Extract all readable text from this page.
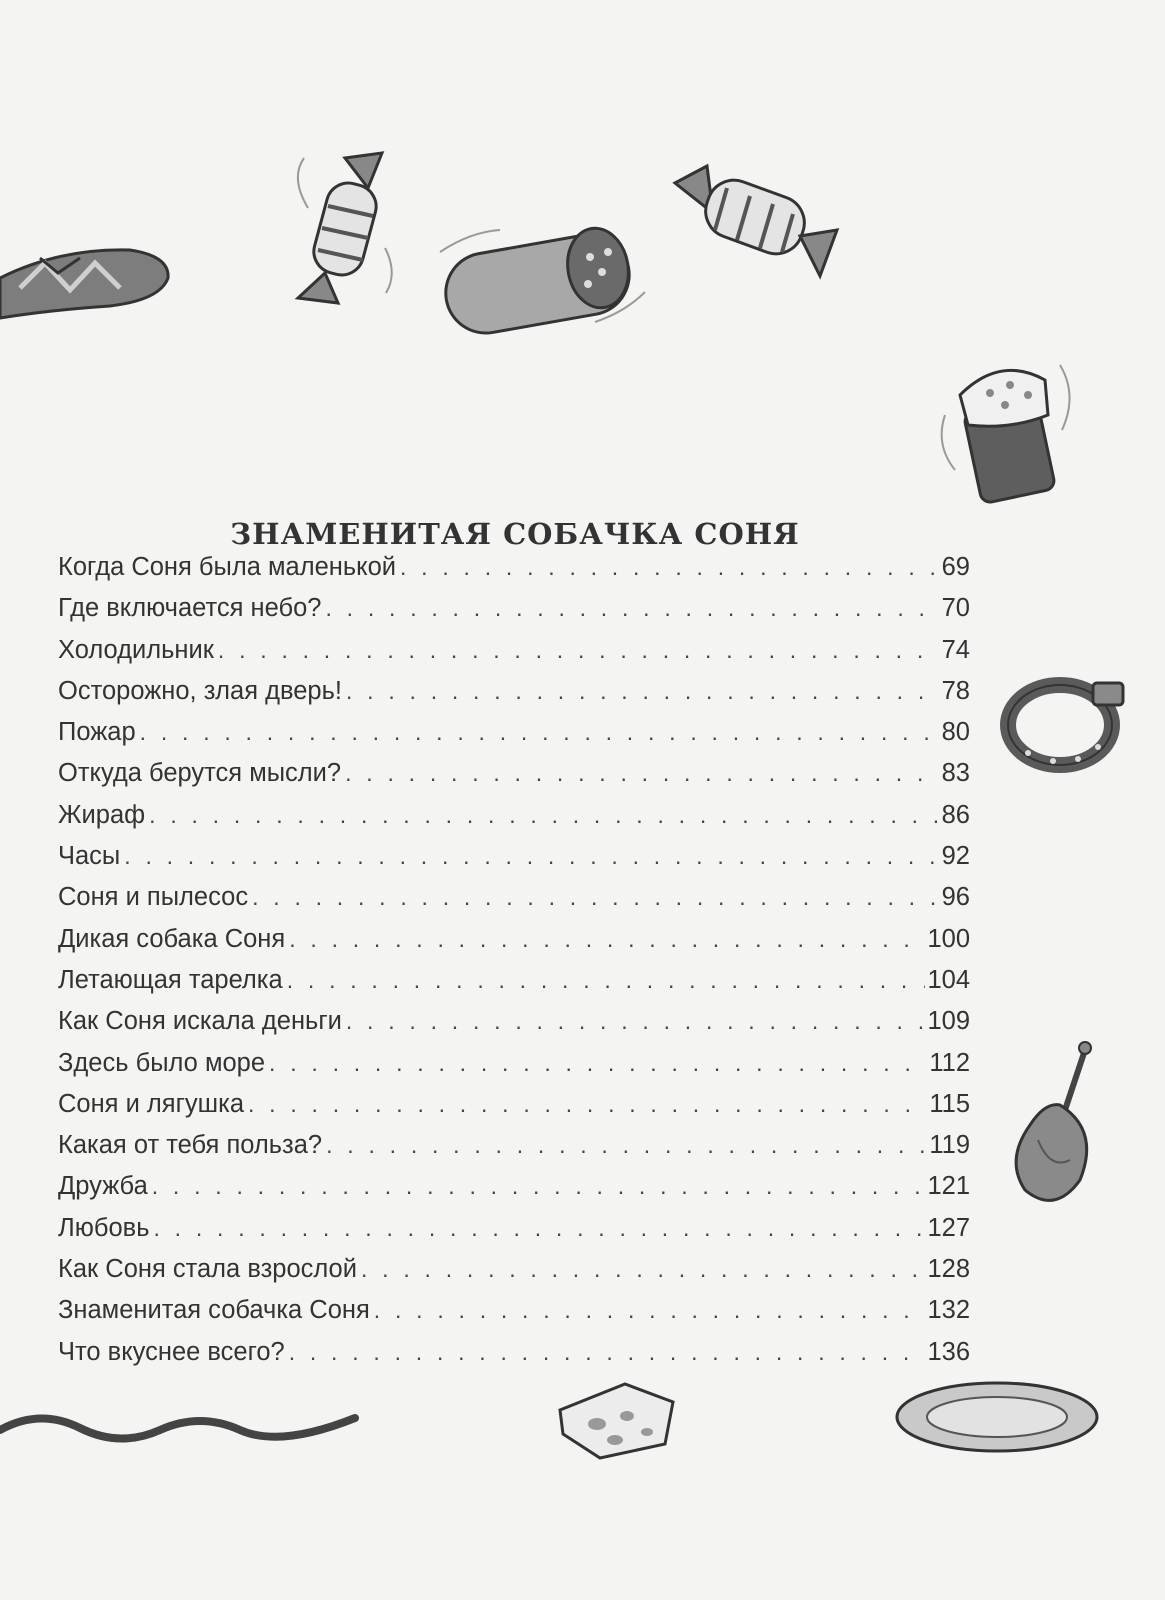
ЗНАМЕНИТАЯ СОБАЧКА СОНЯ
Когда Соня была маленькой . . .	69
Где включается небо? . . .	70
Холодильник . . .	74
Осторожно, злая дверь! . . .	78
Пожар . . .	80
Откуда берутся мысли? . . .	83
Жираф . . .	86
Часы . . .	92
Соня и пылесос . . .	96
Дикая собака Соня . . .	100
Летающая тарелка . . .	104
Как Соня искала деньги . . .	109
Здесь было море . . .	112
Соня и лягушка . . .	115
Какая от тебя польза? . . .	119
Дружба . . .	121
Любовь . . .	127
Как Соня стала взрослой . . .	128
Знаменитая собачка Соня . . .	132
Что вкуснее всего? . . .	136
